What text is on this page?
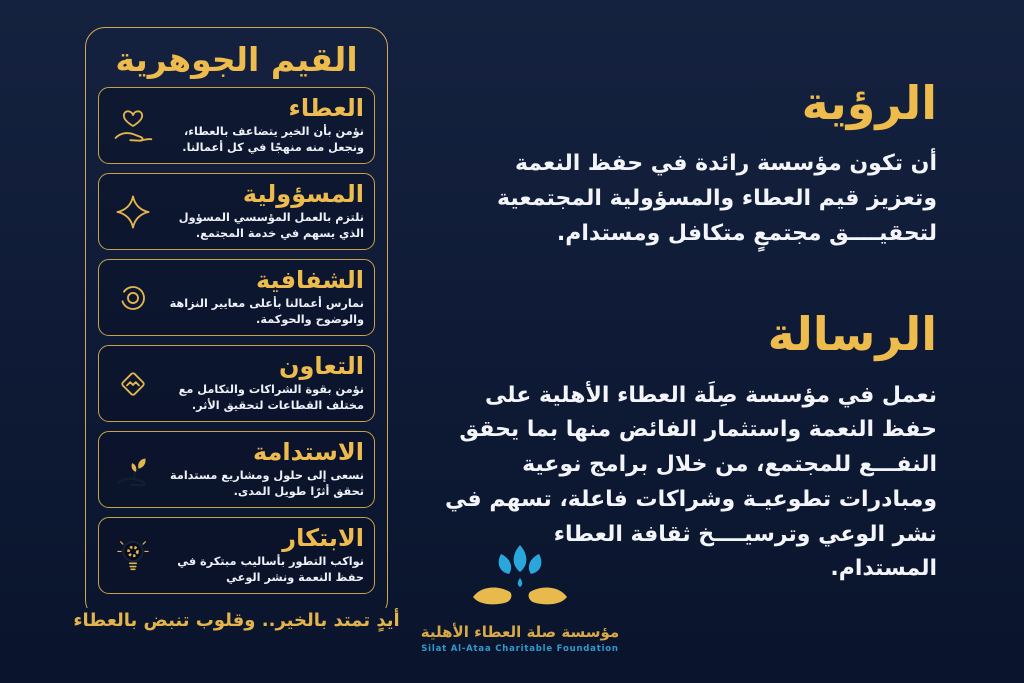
القيم الجوهرية
العطاء

نؤمن بأن الخير يتضاعف بالعطاء، ونجعل منه منهجًا في كل أعمالنا.

المسؤولية

نلتزم بالعمل المؤسسي المسؤول الذي يسهم في خدمة المجتمع.

الشفافية

نمارس أعمالنا بأعلى معايير النزاهة والوضوح والحوكمة.

التعاون

نؤمن بقوة الشراكات والتكامل مع مختلف القطاعات لتحقيق الأثر.

الاستدامة

نسعى إلى حلول ومشاريع مستدامة تحقق أثرًا طويل المدى.

الابتكار

نواكب التطور بأساليب مبتكرة في حفظ النعمة ونشر الوعي

أيدٍ تمتد بالخير.. وقلوب تنبض بالعطاء
الرؤية

أن تكون مؤسسة رائدة في حفظ النعمة وتعزيز قيم العطاء والمسؤولية المجتمعية لتحقيــــق مجتمعٍ متكافل ومستدام.

الرسالة

نعمل في مؤسسة صِلَة العطاء الأهلية على حفظ النعمة واستثمار الفائض منها بما يحقق النفـــع للمجتمع، من خلال برامج نوعية ومبادرات تطوعيـة وشراكات فاعلة، تسهم في نشر الوعي وترسيــــخ ثقافة العطاء المستدام.

مؤسسة صلة العطاء الأهلية
Silat Al-Ataa Charitable Foundation
